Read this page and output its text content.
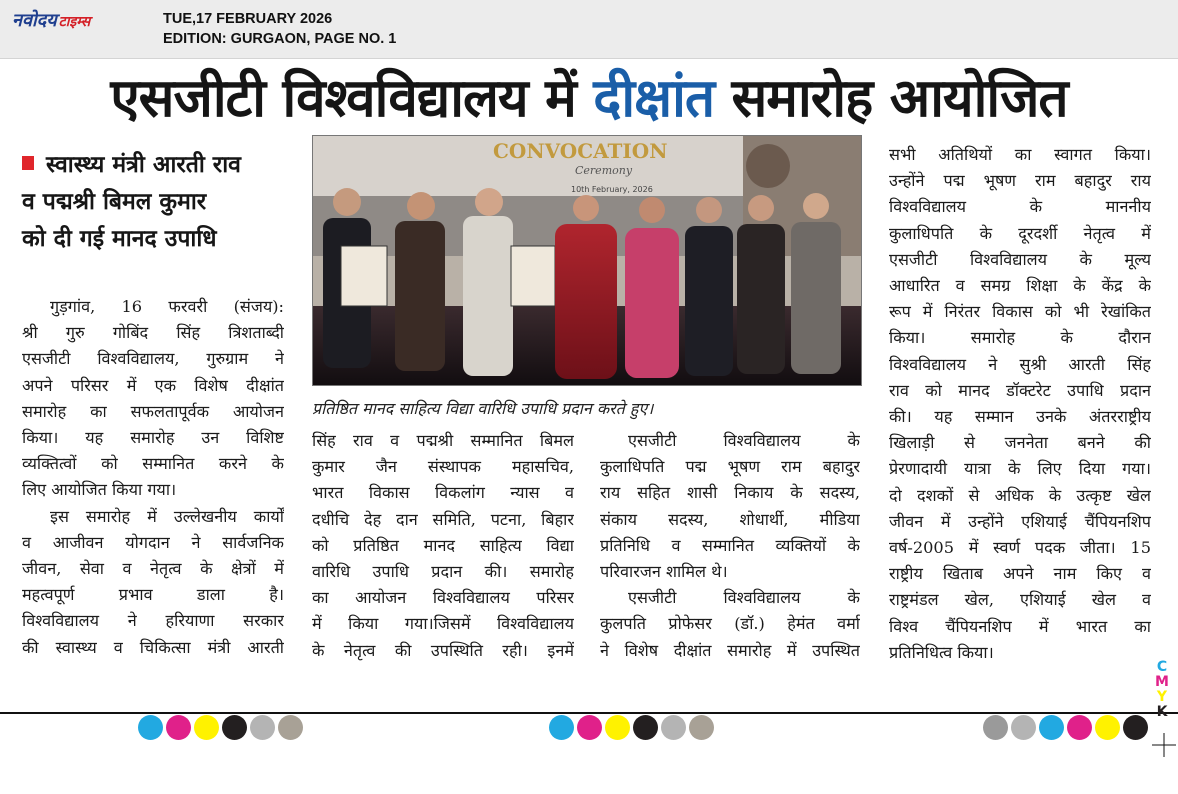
नवोदय टाइम्स	TUE,17 FEBRUARY 2026
EDITION: GURGAON, PAGE NO. 1
एसजीटी विश्वविद्यालय में दीक्षांत समारोह आयोजित
स्वास्थ्य मंत्री आरती राव
व पद्मश्री बिमल कुमार
को दी गई मानद उपाधि
गुड़गांव, 16 फरवरी (संजय):
श्री गुरु गोबिंद सिंह त्रिशताब्दी
एसजीटी विश्वविद्यालय, गुरुग्राम ने
अपने परिसर में एक विशेष दीक्षांत
समारोह का सफलतापूर्वक आयोजन
किया। यह समारोह उन विशिष्ट
व्यक्तित्वों को सम्मानित करने के
लिए आयोजित किया गया।
इस समारोह में उल्लेखनीय कार्यों
व आजीवन योगदान ने सार्वजनिक
जीवन, सेवा व नेतृत्व के क्षेत्रों में
महत्वपूर्ण प्रभाव डाला है।
विश्वविद्यालय ने हरियाणा सरकार
की स्वास्थ्य व चिकित्सा मंत्री आरती
CONVOCATION
Ceremony
10th February, 2026
प्रतिष्ठित मानद साहित्य विद्या वारिधि उपाधि प्रदान करते हुए।
सिंह राव व पद्मश्री सम्मानित बिमल
कुमार जैन संस्थापक महासचिव,
भारत विकास विकलांग न्यास व
दधीचि देह दान समिति, पटना, बिहार
को प्रतिष्ठित मानद साहित्य विद्या
वारिधि उपाधि प्रदान की। समारोह
का आयोजन विश्वविद्यालय परिसर
में किया गया।जिसमें विश्वविद्यालय
के नेतृत्व की उपस्थिति रही। इनमें
एसजीटी विश्वविद्यालय के
कुलाधिपति पद्म भूषण राम बहादुर
राय सहित शासी निकाय के सदस्य,
संकाय सदस्य, शोधार्थी, मीडिया
प्रतिनिधि व सम्मानित व्यक्तियों के
परिवारजन शामिल थे।
एसजीटी विश्वविद्यालय के
कुलपति प्रोफेसर (डॉ.) हेमंत वर्मा
ने विशेष दीक्षांत समारोह में उपस्थित
सभी अतिथियों का स्वागत किया।
उन्होंने पद्म भूषण राम बहादुर राय
विश्वविद्यालय के माननीय
कुलाधिपति के दूरदर्शी नेतृत्व में
एसजीटी विश्वविद्यालय के मूल्य
आधारित व समग्र शिक्षा के केंद्र के
रूप में निरंतर विकास को भी रेखांकित
किया। समारोह के दौरान
विश्वविद्यालय ने सुश्री आरती सिंह
राव को मानद डॉक्टरेट उपाधि प्रदान
की। यह सम्मान उनके अंतरराष्ट्रीय
खिलाड़ी से जननेता बनने की
प्रेरणादायी यात्रा के लिए दिया गया।
दो दशकों से अधिक के उत्कृष्ट खेल
जीवन में उन्होंने एशियाई चैंपियनशिप
वर्ष-2005 में स्वर्ण पदक जीता। 15
राष्ट्रीय खिताब अपने नाम किए व
राष्ट्रमंडल खेल, एशियाई खेल व
विश्व चैंपियनशिप में भारत का
प्रतिनिधित्व किया।
C
M
Y
K
